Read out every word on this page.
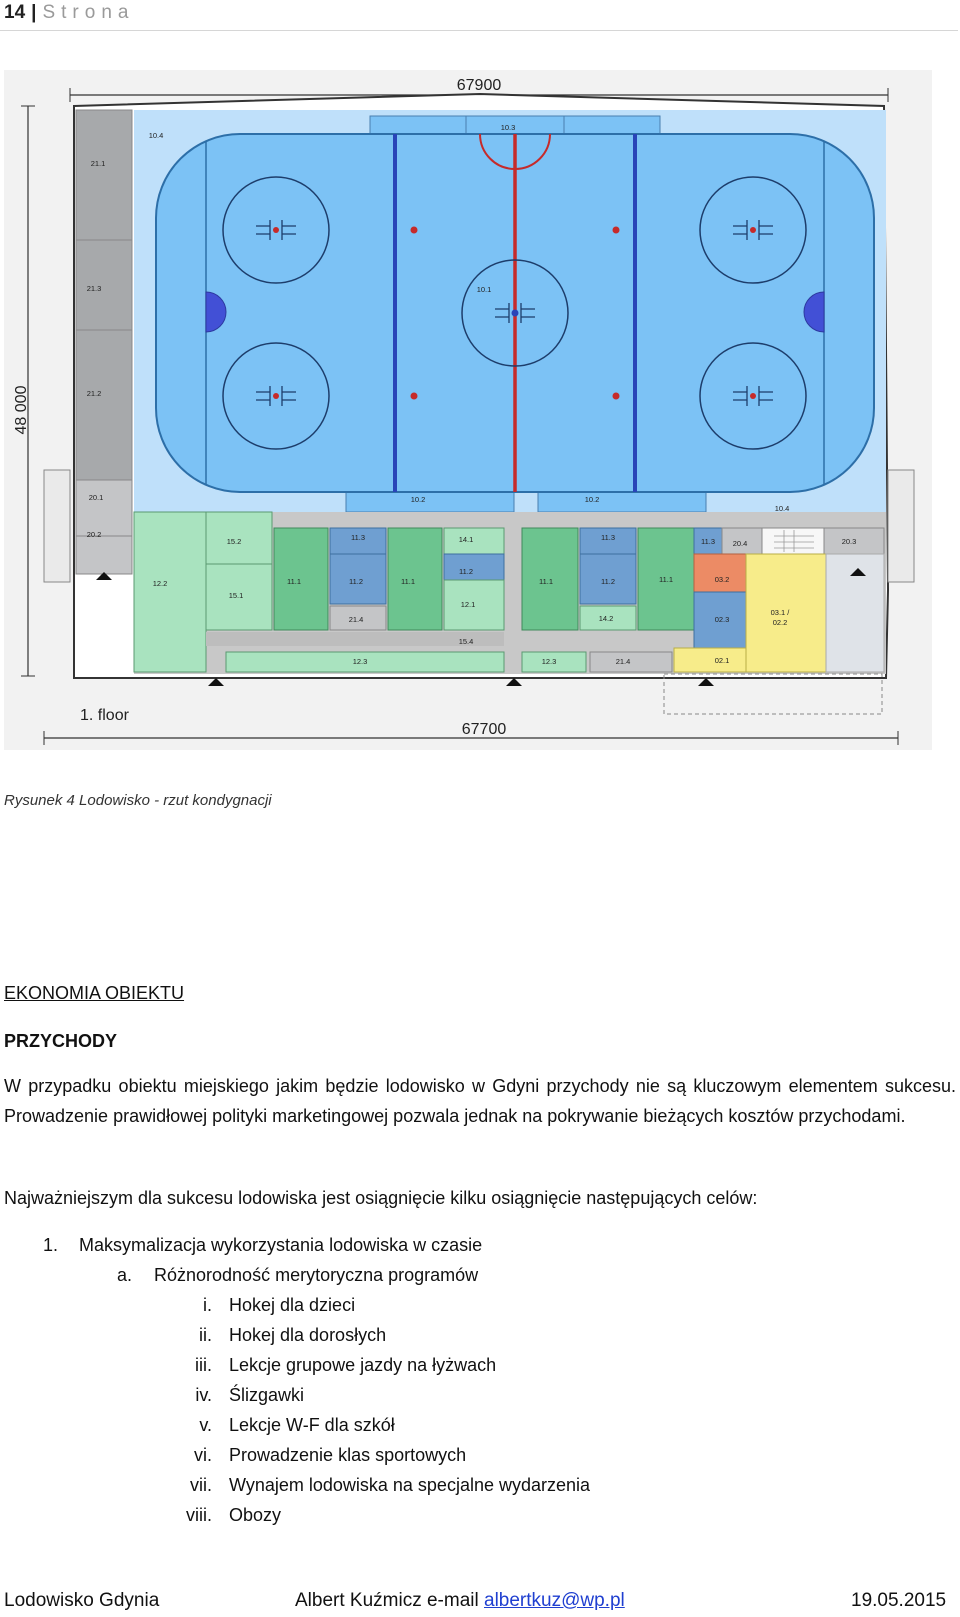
14 | Strona
67900
48 000
67700
1. floor
10.4
10.3
21.1
21.3
21.2
20.1
20.2
10.1
10.2	10.2
10.4
15.2
15.1
12.2	11.1
11.3
11.2	11.1
14.1
11.2
12.1
21.4
15.4
12.3
11.1
11.3
11.2
14.2
11.1
11.3 20.4
03.2
02.3
03.1 /
02.2
20.3
12.3	21.4	02.1
Rysunek 4 Lodowisko - rzut kondygnacji
EKONOMIA OBIEKTU
PRZYCHODY
W przypadku obiektu miejskiego jakim będzie lodowisko w Gdyni przychody nie są kluczowym elementem sukcesu. Prowadzenie prawidłowej polityki marketingowej pozwala jednak na pokrywanie bieżących kosztów przychodami.
Najważniejszym dla sukcesu lodowiska jest osiągnięcie kilku osiągnięcie następujących celów:
1. Maksymalizacja wykorzystania lodowiska w czasie
a. Różnorodność merytoryczna programów
i. Hokej dla dzieci
ii. Hokej dla dorosłych
iii. Lekcje grupowe jazdy na łyżwach
iv. Ślizgawki
v. Lekcje W-F dla szkół
vi. Prowadzenie klas sportowych
vii. Wynajem lodowiska na specjalne wydarzenia
viii. Obozy
Lodowisko Gdynia	Albert Kuźmicz e-mail albertkuz@wp.pl	19.05.2015
